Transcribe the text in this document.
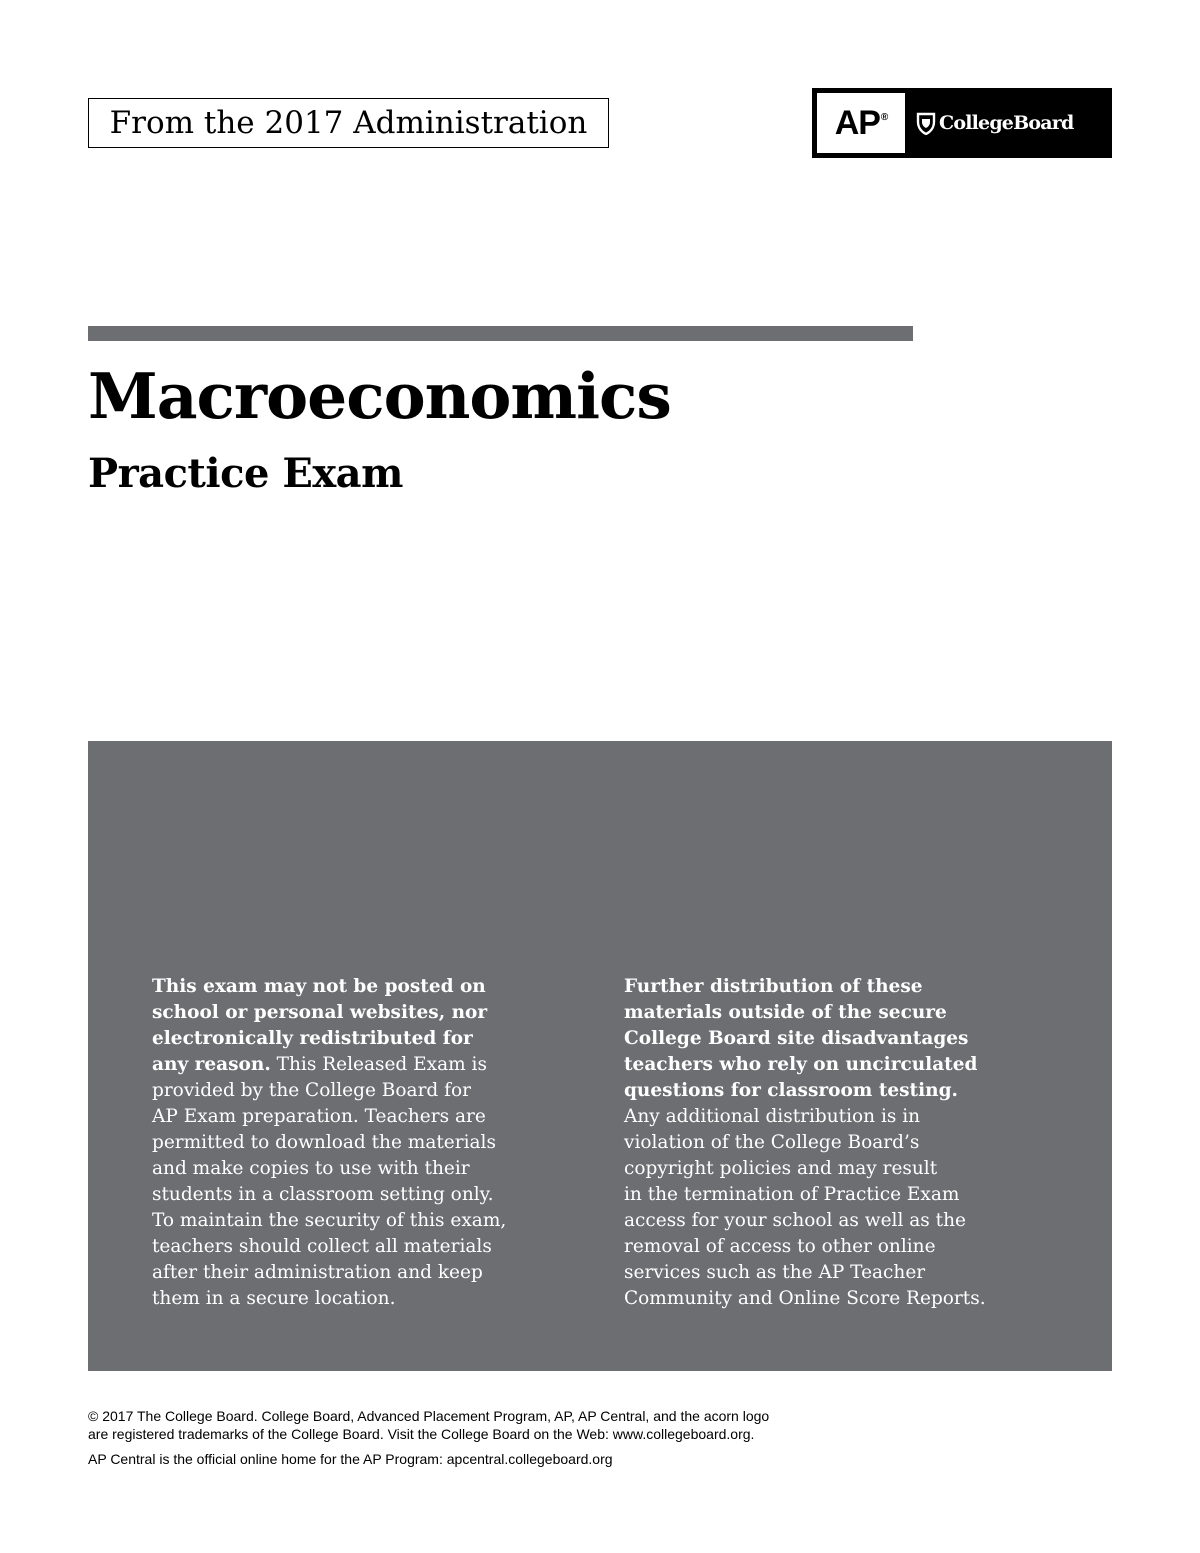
From the 2017 Administration	AP®	CollegeBoard
Macroeconomics
Practice Exam
This exam may not be posted on
school or personal websites, nor
electronically redistributed for
any reason. This Released Exam is
provided by the College Board for
AP Exam preparation. Teachers are
permitted to download the materials
and make copies to use with their
students in a classroom setting only.
To maintain the security of this exam,
teachers should collect all materials
after their administration and keep
them in a secure location.
Further distribution of these
materials outside of the secure
College Board site disadvantages
teachers who rely on uncirculated
questions for classroom testing.
Any additional distribution is in
violation of the College Board’s
copyright policies and may result
in the termination of Practice Exam
access for your school as well as the
removal of access to other online
services such as the AP Teacher
Community and Online Score Reports.
© 2017 The College Board. College Board, Advanced Placement Program, AP, AP Central, and the acorn logo
are registered trademarks of the College Board. Visit the College Board on the Web: www.collegeboard.org.
AP Central is the official online home for the AP Program: apcentral.collegeboard.org
